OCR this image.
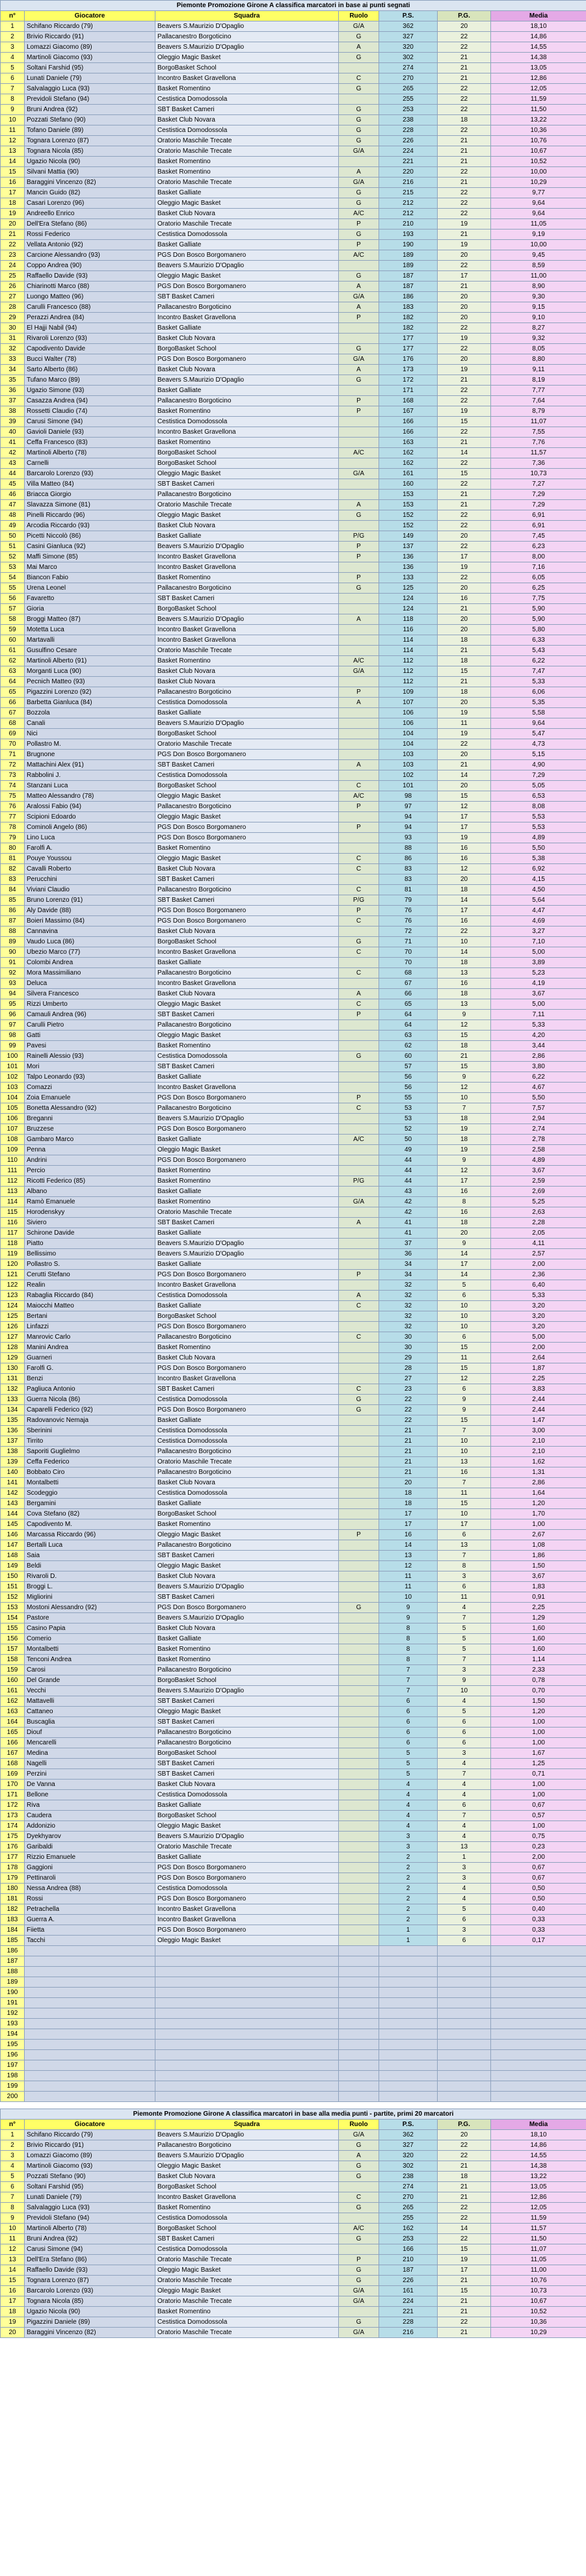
Piemonte Promozione Girone A classifica marcatori in base ai punti segnati						
n°	Giocatore	Squadra	Ruolo	P.S.	P.G.	Media
1	Schifano Riccardo (79)	Beavers S.Maurizio D'Opaglio	G/A	362	20	18,10
2	Brivio Riccardo (91)	Pallacanestro Borgoticino	G	327	22	14,86
3	Lomazzi Giacomo (89)	Beavers S.Maurizio D'Opaglio	A	320	22	14,55
4	Martinoli Giacomo (93)	Oleggio Magic Basket	G	302	21	14,38
5	Soltani Farshid (95)	BorgoBasket School		274	21	13,05
6	Lunati Daniele (79)	Incontro Basket Gravellona	C	270	21	12,86
7	Salvalaggio Luca (93)	Basket Romentino	G	265	22	12,05
8	Previdoli Stefano (94)	Cestistica Domodossola		255	22	11,59
9	Bruni Andrea (92)	SBT Basket Cameri	G	253	22	11,50
10	Pozzati Stefano (90)	Basket Club Novara	G	238	18	13,22
11	Tofano Daniele (89)	Cestistica Domodossola	G	228	22	10,36
12	Tognara Lorenzo (87)	Oratorio Maschile Trecate	G	226	21	10,76
13	Tognara Nicola (85)	Oratorio Maschile Trecate	G/A	224	21	10,67
14	Ugazio Nicola (90)	Basket Romentino		221	21	10,52
15	Silvani Mattia (90)	Basket Romentino	A	220	22	10,00
16	Baraggini Vincenzo (82)	Oratorio Maschile Trecate	G/A	216	21	10,29
17	Mancin Guido (82)	Basket Galliate	G	215	22	9,77
18	Casari Lorenzo (96)	Oleggio Magic Basket	G	212	22	9,64
19	Andreello Enrico	Basket Club Novara	A/C	212	22	9,64
20	Dell'Era Stefano (86)	Oratorio Maschile Trecate	P	210	19	11,05
21	Rossi Federico	Cestistica Domodossola	G	193	21	9,19
22	Vellata Antonio (92)	Basket Galliate	P	190	19	10,00
23	Carcione Alessandro (93)	PGS Don Bosco Borgomanero	A/C	189	20	9,45
24	Coppo Andrea (90)	Beavers S.Maurizio D'Opaglio		189	22	8,59
25	Raffaello Davide (93)	Oleggio Magic Basket	G	187	17	11,00
26	Chiarinotti Marco (88)	PGS Don Bosco Borgomanero	A	187	21	8,90
27	Luongo Matteo (96)	SBT Basket Cameri	G/A	186	20	9,30
28	Carulli Francesco (88)	Pallacanestro Borgoticino	A	183	20	9,15
29	Perazzi Andrea (84)	Incontro Basket Gravellona	P	182	20	9,10
30	El Hajji Nabil (94)	Basket Galliate		182	22	8,27
31	Rivaroli Lorenzo (93)	Basket Club Novara		177	19	9,32
32	Capodivento Davide	BorgoBasket School	G	177	22	8,05
33	Bucci Walter (78)	PGS Don Bosco Borgomanero	G/A	176	20	8,80
34	Sarto Alberto (86)	Basket Club Novara	A	173	19	9,11
35	Tufano Marco (89)	Beavers S.Maurizio D'Opaglio	G	172	21	8,19
36	Ugazio Simone (93)	Basket Galliate		171	22	7,77
37	Casazza Andrea (94)	Pallacanestro Borgoticino	P	168	22	7,64
38	Rossetti Claudio (74)	Basket Romentino	P	167	19	8,79
39	Carusi Simone (94)	Cestistica Domodossola		166	15	11,07
40	Gavioli Daniele (93)	Incontro Basket Gravellona		166	22	7,55
41	Ceffa Francesco (83)	Basket Romentino		163	21	7,76
42	Martinoli Alberto (78)	BorgoBasket School	A/C	162	14	11,57
43	Carnelli	BorgoBasket School		162	22	7,36
44	Barcarolo Lorenzo (93)	Oleggio Magic Basket	G/A	161	15	10,73
45	Villa Matteo (84)	SBT Basket Cameri		160	22	7,27
46	Briacca Giorgio	Pallacanestro Borgoticino		153	21	7,29
47	Slavazza Simone (81)	Oratorio Maschile Trecate	A	153	21	7,29
48	Pinelli Riccardo (96)	Oleggio Magic Basket	G	152	22	6,91
49	Arcodia Riccardo (93)	Basket Club Novara		152	22	6,91
50	Picetti Niccolò (86)	Basket Galliate	P/G	149	20	7,45
51	Casini Gianluca (92)	Beavers S.Maurizio D'Opaglio	P	137	22	6,23
52	Maffi Simone (85)	Incontro Basket Gravellona	P	136	17	8,00
53	Mai Marco	Incontro Basket Gravellona		136	19	7,16
54	Biancon Fabio	Basket Romentino	P	133	22	6,05
55	Urena Leonel	Pallacanestro Borgoticino	G	125	20	6,25
56	Favaretto	SBT Basket Cameri		124	16	7,75
57	Gioria	BorgoBasket School		124	21	5,90
58	Broggi Matteo (87)	Beavers S.Maurizio D'Opaglio	A	118	20	5,90
59	Motetta Luca	Incontro Basket Gravellona		116	20	5,80
60	Martavalli	Incontro Basket Gravellona		114	18	6,33
61	Gusulfino Cesare	Oratorio Maschile Trecate		114	21	5,43
62	Martinoli Alberto (91)	Basket Romentino	A/C	112	18	6,22
63	Morganti Luca (90)	Basket Club Novara	G/A	112	15	7,47
64	Pecnich Matteo (93)	Basket Club Novara		112	21	5,33
65	Pigazzini Lorenzo (92)	Pallacanestro Borgoticino	P	109	18	6,06
66	Barbetta Gianluca (84)	Cestistica Domodossola	A	107	20	5,35
67	Bozzola	Basket Galliate		106	19	5,58
68	Canali	Beavers S.Maurizio D'Opaglio		106	11	9,64
69	Nici	BorgoBasket School		104	19	5,47
70	Pollastro M.	Oratorio Maschile Trecate		104	22	4,73
71	Brugnone	PGS Don Bosco Borgomanero		103	20	5,15
72	Mattachini Alex (91)	SBT Basket Cameri	A	103	21	4,90
73	Rabbolini J.	Cestistica Domodossola		102	14	7,29
74	Stanzani Luca	BorgoBasket School	C	101	20	5,05
75	Matteo Alessandro (78)	Oleggio Magic Basket	A/C	98	15	6,53
76	Aralossi Fabio (94)	Pallacanestro Borgoticino	P	97	12	8,08
77	Scipioni Edoardo	Oleggio Magic Basket		94	17	5,53
78	Cominoli Angelo (86)	PGS Don Bosco Borgomanero	P	94	17	5,53
79	Lino Luca	PGS Don Bosco Borgomanero		93	19	4,89
80	Farolfi A.	Basket Romentino		88	16	5,50
81	Pouye Youssou	Oleggio Magic Basket	C	86	16	5,38
82	Cavalli Roberto	Basket Club Novara	C	83	12	6,92
83	Perucchini	SBT Basket Cameri		83	20	4,15
84	Viviani Claudio	Pallacanestro Borgoticino	C	81	18	4,50
85	Bruno Lorenzo (91)	SBT Basket Cameri	P/G	79	14	5,64
86	Aly Davide (88)	PGS Don Bosco Borgomanero	P	76	17	4,47
87	Boieri Massimo (84)	PGS Don Bosco Borgomanero	C	76	16	4,69
88	Cannavina	Basket Club Novara		72	22	3,27
89	Vaudo Luca (86)	BorgoBasket School	G	71	10	7,10
90	Ubezio Marco (77)	Incontro Basket Gravellona	C	70	14	5,00
91	Colombi Andrea	Basket Galliate		70	18	3,89
92	Mora Massimiliano	Pallacanestro Borgoticino	C	68	13	5,23
93	Deluca	Incontro Basket Gravellona		67	16	4,19
94	Silvera Francesco	Basket Club Novara	A	66	18	3,67
95	Rizzi Umberto	Oleggio Magic Basket	C	65	13	5,00
96	Camauli Andrea (96)	SBT Basket Cameri	P	64	9	7,11
97	Carulli Pietro	Pallacanestro Borgoticino		64	12	5,33
98	Gatti	Oleggio Magic Basket		63	15	4,20
99	Pavesi	Basket Romentino		62	18	3,44
100	Rainelli Alessio (93)	Cestistica Domodossola	G	60	21	2,86
101	Mori	SBT Basket Cameri		57	15	3,80
102	Talpo Leonardo (93)	Basket Galliate		56	9	6,22
103	Comazzi	Incontro Basket Gravellona		56	12	4,67
104	Zoia Emanuele	PGS Don Bosco Borgomanero	P	55	10	5,50
105	Bonetta Alessandro (92)	Pallacanestro Borgoticino	C	53	7	7,57
106	Breganni	Beavers S.Maurizio D'Opaglio		53	18	2,94
107	Bruzzese	PGS Don Bosco Borgomanero		52	19	2,74
108	Gambaro Marco	Basket Galliate	A/C	50	18	2,78
109	Penna	Oleggio Magic Basket		49	19	2,58
110	Andrini	PGS Don Bosco Borgomanero		44	9	4,89
111	Percio	Basket Romentino		44	12	3,67
112	Ricotti Federico (85)	Basket Romentino	P/G	44	17	2,59
113	Albano	Basket Galliate		43	16	2,69
114	Ramò Emanuele	Basket Romentino	G/A	42	8	5,25
115	Horodenskyy	Oratorio Maschile Trecate		42	16	2,63
116	Siviero	SBT Basket Cameri	A	41	18	2,28
117	Schirone Davide	Basket Galliate		41	20	2,05
118	Piatto	Beavers S.Maurizio D'Opaglio		37	9	4,11
119	Bellissimo	Beavers S.Maurizio D'Opaglio		36	14	2,57
120	Pollastro S.	Basket Galliate		34	17	2,00
121	Cerutti Stefano	PGS Don Bosco Borgomanero	P	34	14	2,36
122	Realin	Incontro Basket Gravellona		32	5	6,40
123	Rabaglia Riccardo (84)	Cestistica Domodossola	A	32	6	5,33
124	Maiocchi Matteo	Basket Galliate	C	32	10	3,20
125	Bertani	BorgoBasket School		32	10	3,20
126	Linfazzi	PGS Don Bosco Borgomanero		32	10	3,20
127	Manrovic Carlo	Pallacanestro Borgoticino	C	30	6	5,00
128	Manini Andrea	Basket Romentino		30	15	2,00
129	Guarneri	Basket Club Novara		29	11	2,64
130	Farolfi G.	PGS Don Bosco Borgomanero		28	15	1,87
131	Benzi	Incontro Basket Gravellona		27	12	2,25
132	Pagliuca Antonio	SBT Basket Cameri	C	23	6	3,83
133	Guerra Nicola (86)	Cestistica Domodossola	G	22	9	2,44
134	Caparelli Federico (92)	PGS Don Bosco Borgomanero	G	22	9	2,44
135	Radovanovic Nemaja	Basket Galliate		22	15	1,47
136	Sberinini	Cestistica Domodossola		21	7	3,00
137	Tirrito	Cestistica Domodossola		21	10	2,10
138	Saporiti Guglielmo	Pallacanestro Borgoticino		21	10	2,10
139	Ceffa Federico	Oratorio Maschile Trecate		21	13	1,62
140	Bobbato Ciro	Pallacanestro Borgoticino		21	16	1,31
141	Montalbetti	Basket Club Novara		20	7	2,86
142	Scodeggio	Cestistica Domodossola		18	11	1,64
143	Bergamini	Basket Galliate		18	15	1,20
144	Cova Stefano (82)	BorgoBasket School		17	10	1,70
145	Capodivento M.	Basket Romentino		17	17	1,00
146	Marcassa Riccardo (96)	Oleggio Magic Basket	P	16	6	2,67
147	Bertalli Luca	Pallacanestro Borgoticino		14	13	1,08
148	Saia	SBT Basket Cameri		13	7	1,86
149	Beldi	Oleggio Magic Basket		12	8	1,50
150	Rivaroli D.	Basket Club Novara		11	3	3,67
151	Broggi L.	Beavers S.Maurizio D'Opaglio		11	6	1,83
152	Migliorini	SBT Basket Cameri		10	11	0,91
153	Mostoni Alessandro (92)	PGS Don Bosco Borgomanero	G	9	4	2,25
154	Pastore	Beavers S.Maurizio D'Opaglio		9	7	1,29
155	Casino Papia	Basket Club Novara		8	5	1,60
156	Comerio	Basket Galliate		8	5	1,60
157	Montalbetti	Basket Romentino		8	5	1,60
158	Tenconi Andrea	Basket Romentino		8	7	1,14
159	Carosi	Pallacanestro Borgoticino		7	3	2,33
160	Del Grande	BorgoBasket School		7	9	0,78
161	Vecchi	Beavers S.Maurizio D'Opaglio		7	10	0,70
162	Mattavelli	SBT Basket Cameri		6	4	1,50
163	Cattaneo	Oleggio Magic Basket		6	5	1,20
164	Buscaglia	SBT Basket Cameri		6	6	1,00
165	Diouf	Pallacanestro Borgoticino		6	6	1,00
166	Mencarelli	Pallacanestro Borgoticino		6	6	1,00
167	Medina	BorgoBasket School		5	3	1,67
168	Nagelli	SBT Basket Cameri		5	4	1,25
169	Perzini	SBT Basket Cameri		5	7	0,71
170	De Vanna	Basket Club Novara		4	4	1,00
171	Bellone	Cestistica Domodossola		4	4	1,00
172	Riva	Basket Galliate		4	6	0,67
173	Caudera	BorgoBasket School		4	7	0,57
174	Addonizio	Oleggio Magic Basket		4	4	1,00
175	Dyekhyarov	Beavers S.Maurizio D'Opaglio		3	4	0,75
176	Garibaldi	Oratorio Maschile Trecate		3	13	0,23
177	Rizzio Emanuele	Basket Galliate		2	1	2,00
178	Gaggioni	PGS Don Bosco Borgomanero		2	3	0,67
179	Pettinaroli	PGS Don Bosco Borgomanero		2	3	0,67
180	Nessa Andrea (88)	Cestistica Domodossola		2	4	0,50
181	Rossi	PGS Don Bosco Borgomanero		2	4	0,50
182	Petrachella	Incontro Basket Gravellona		2	5	0,40
183	Guerra A.	Incontro Basket Gravellona		2	6	0,33
184	Fiietta	PGS Don Bosco Borgomanero		1	3	0,33
185	Tacchi	Oleggio Magic Basket		1	6	0,17
186						
187						
188						
189						
190						
191						
192						
193						
194						
195						
196						
197						
198						
199						
200						
Piemonte Promozione Girone A classifica marcatori in base alla media punti - partite, primi 20 marcatori						
n°	Giocatore	Squadra	Ruolo	P.S.	P.G.	Media
1	Schifano Riccardo (79)	Beavers S.Maurizio D'Opaglio	G/A	362	20	18,10
2	Brivio Riccardo (91)	Pallacanestro Borgoticino	G	327	22	14,86
3	Lomazzi Giacomo (89)	Beavers S.Maurizio D'Opaglio	A	320	22	14,55
4	Martinoli Giacomo (93)	Oleggio Magic Basket	G	302	21	14,38
5	Pozzati Stefano (90)	Basket Club Novara	G	238	18	13,22
6	Soltani Farshid (95)	BorgoBasket School		274	21	13,05
7	Lunati Daniele (79)	Incontro Basket Gravellona	C	270	21	12,86
8	Salvalaggio Luca (93)	Basket Romentino	G	265	22	12,05
9	Previdoli Stefano (94)	Cestistica Domodossola		255	22	11,59
10	Martinoli Alberto (78)	BorgoBasket School	A/C	162	14	11,57
11	Bruni Andrea (92)	SBT Basket Cameri	G	253	22	11,50
12	Carusi Simone (94)	Cestistica Domodossola		166	15	11,07
13	Dell'Era Stefano (86)	Oratorio Maschile Trecate	P	210	19	11,05
14	Raffaello Davide (93)	Oleggio Magic Basket	G	187	17	11,00
15	Tognara Lorenzo (87)	Oratorio Maschile Trecate	G	226	21	10,76
16	Barcarolo Lorenzo (93)	Oleggio Magic Basket	G/A	161	15	10,73
17	Tognara Nicola (85)	Oratorio Maschile Trecate	G/A	224	21	10,67
18	Ugazio Nicola (90)	Basket Romentino		221	21	10,52
19	Pigazzini Daniele (89)	Cestistica Domodossola	G	228	22	10,36
20	Baraggini Vincenzo (82)	Oratorio Maschile Trecate	G/A	216	21	10,29
